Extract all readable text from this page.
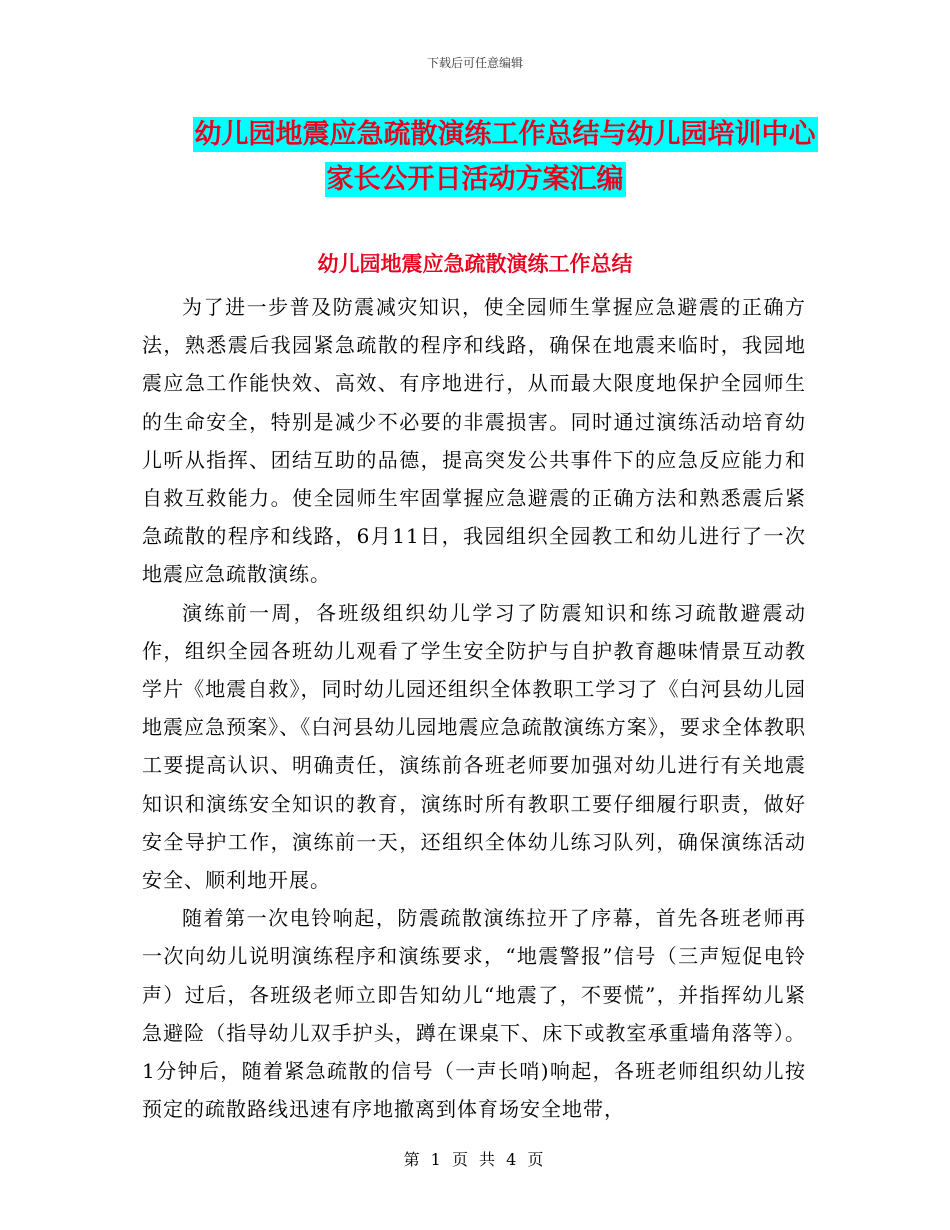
下载后可任意编辑
幼儿园地震应急疏散演练工作总结与幼儿园培训中心
家长公开日活动方案汇编
幼儿园地震应急疏散演练工作总结

为了进一步普及防震减灾知识，使全园师生掌握应急避震的正确方法，熟悉震后我园紧急疏散的程序和线路，确保在地震来临时，我园地震应急工作能快效、高效、有序地进行，从而最大限度地保护全园师生的生命安全，特别是减少不必要的非震损害。同时通过演练活动培育幼儿听从指挥、团结互助的品德，提高突发公共事件下的应急反应能力和自救互救能力。使全园师生牢固掌握应急避震的正确方法和熟悉震后紧急疏散的程序和线路，6月11日，我园组织全园教工和幼儿进行了一次地震应急疏散演练。

演练前一周，各班级组织幼儿学习了防震知识和练习疏散避震动作，组织全园各班幼儿观看了学生安全防护与自护教育趣味情景互动教学片《地震自救》，同时幼儿园还组织全体教职工学习了《白河县幼儿园地震应急预案》、《白河县幼儿园地震应急疏散演练方案》，要求全体教职工要提高认识、明确责任，演练前各班老师要加强对幼儿进行有关地震知识和演练安全知识的教育，演练时所有教职工要仔细履行职责，做好安全导护工作，演练前一天，还组织全体幼儿练习队列，确保演练活动安全、顺利地开展。

随着第一次电铃响起，防震疏散演练拉开了序幕，首先各班老师再一次向幼儿说明演练程序和演练要求，“地震警报”信号（三声短促电铃声）过后，各班级老师立即告知幼儿“地震了，不要慌”，并指挥幼儿紧急避险（指导幼儿双手护头，蹲在课桌下、床下或教室承重墙角落等）。1分钟后，随着紧急疏散的信号（一声长哨)响起，各班老师组织幼儿按预定的疏散路线迅速有序地撤离到体育场安全地带，

第 1 页 共 4 页
